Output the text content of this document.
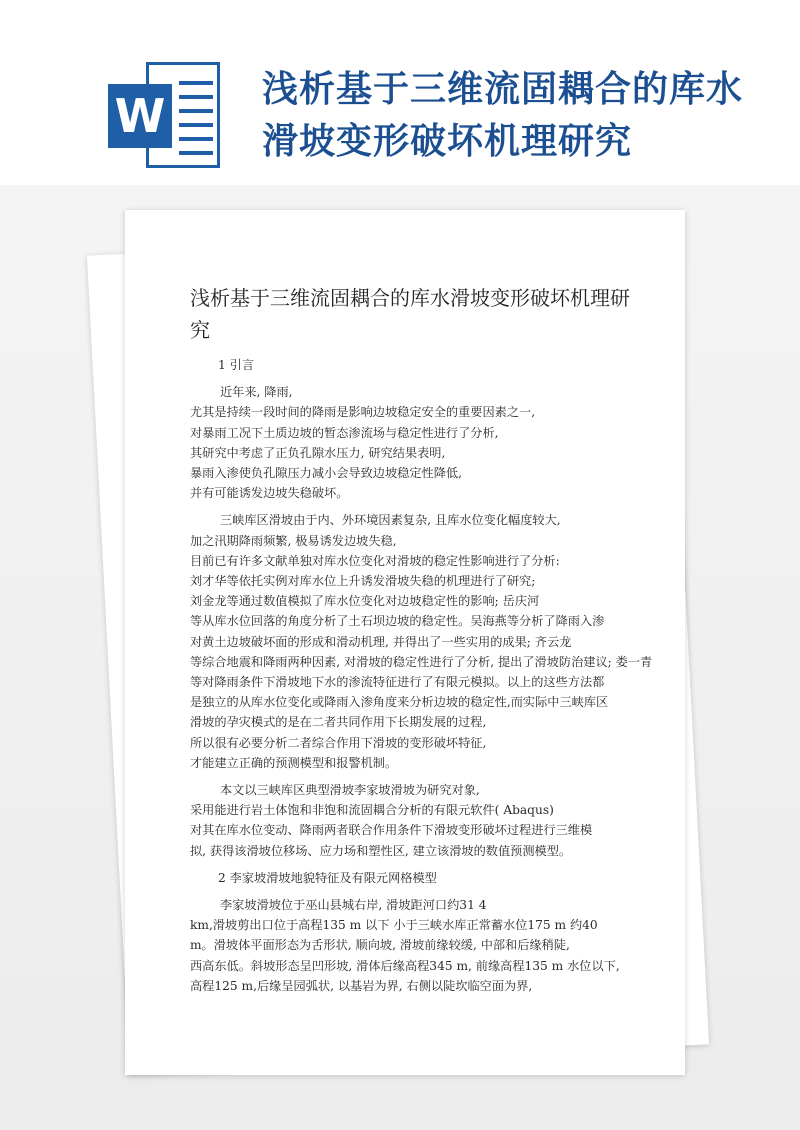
W	浅析基于三维流固耦合的库水
滑坡变形破坏机理研究
浅析基于三维流固耦合的库水滑坡变形破坏机理研
究
1 引言
近年来, 降雨,
尤其是持续一段时间的降雨是影响边坡稳定安全的重要因素之一,
对暴雨工况下土质边坡的暂态渗流场与稳定性进行了分析,
其研究中考虑了正负孔隙水压力, 研究结果表明,
暴雨入渗使负孔隙压力减小会导致边坡稳定性降低,
并有可能诱发边坡失稳破坏。
三峡库区滑坡由于内、外环境因素复杂, 且库水位变化幅度较大,
加之汛期降雨频繁, 极易诱发边坡失稳,
目前已有许多文献单独对库水位变化对滑坡的稳定性影响进行了分析:
刘才华等依托实例对库水位上升诱发滑坡失稳的机理进行了研究;
刘金龙等通过数值模拟了库水位变化对边坡稳定性的影响; 岳庆河
等从库水位回落的角度分析了土石坝边坡的稳定性。吴海燕等分析了降雨入渗
对黄土边坡破坏面的形成和滑动机理, 并得出了一些实用的成果; 齐云龙
等综合地震和降雨两种因素, 对滑坡的稳定性进行了分析, 提出了滑坡防治建议; 娄一青
等对降雨条件下滑坡地下水的渗流特征进行了有限元模拟。以上的这些方法都
是独立的从库水位变化或降雨入渗角度来分析边坡的稳定性,而实际中三峡库区
滑坡的孕灾模式的是在二者共同作用下长期发展的过程,
所以很有必要分析二者综合作用下滑坡的变形破坏特征,
才能建立正确的预测模型和报警机制。
本文以三峡库区典型滑坡李家坡滑坡为研究对象,
采用能进行岩土体饱和非饱和流固耦合分析的有限元软件( Abaqus)
对其在库水位变动、降雨两者联合作用条件下滑坡变形破坏过程进行三维模
拟, 获得该滑坡位移场、应力场和塑性区, 建立该滑坡的数值预测模型。
2 李家坡滑坡地貌特征及有限元网格模型
李家坡滑坡位于巫山县城右岸, 滑坡距河口约31 4
km,滑坡剪出口位于高程135 m 以下 小于三峡水库正常蓄水位175 m 约40
m。滑坡体平面形态为舌形状, 顺向坡, 滑坡前缘较缓, 中部和后缘稍陡,
西高东低。斜坡形态呈凹形坡, 滑体后缘高程345 m, 前缘高程135 m 水位以下,
高程125 m,后缘呈园弧状, 以基岩为界, 右侧以陡坎临空面为界,
